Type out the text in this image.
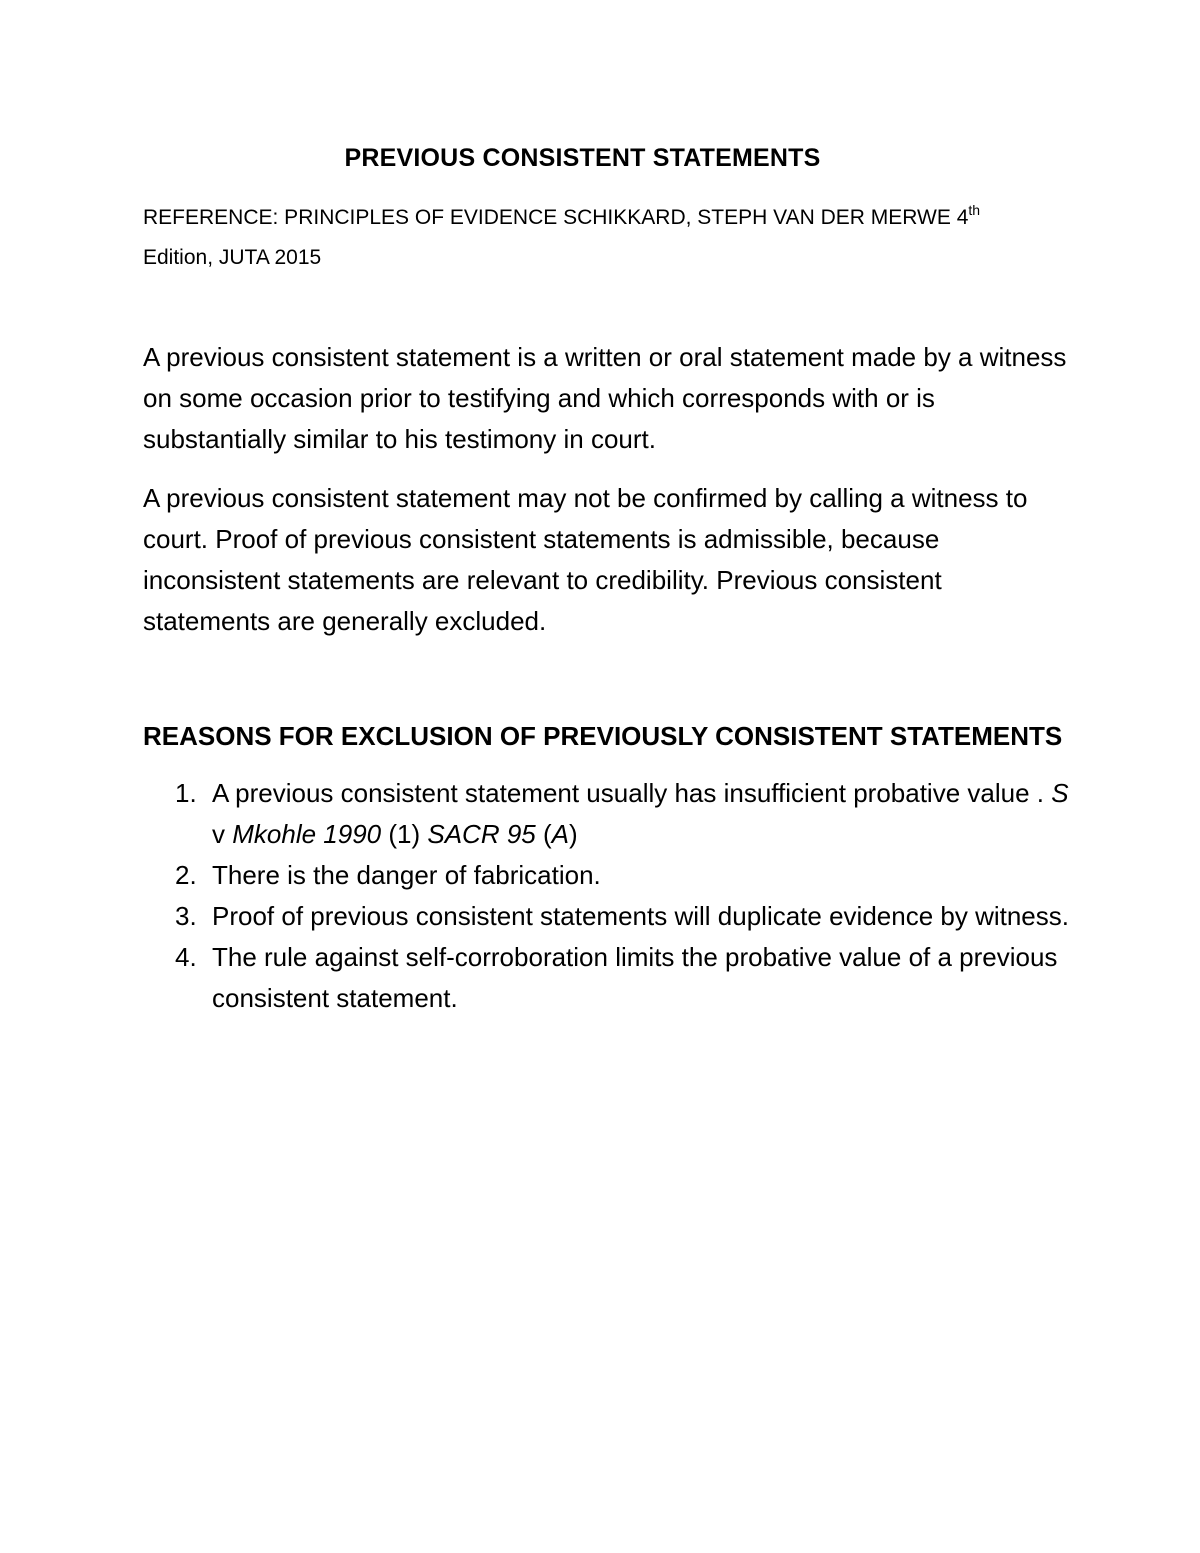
PREVIOUS CONSISTENT STATEMENTS

REFERENCE: PRINCIPLES OF EVIDENCE SCHIKKARD, STEPH VAN DER MERWE 4th
Edition, JUTA 2015

A previous consistent statement is a written or oral statement made by a witness on some occasion prior to testifying and which corresponds with or is substantially similar to his testimony in court.

A previous consistent statement may not be confirmed by calling a witness to court. Proof of previous consistent statements is admissible, because inconsistent statements are relevant to credibility. Previous consistent statements are generally excluded.

REASONS FOR EXCLUSION OF PREVIOUSLY CONSISTENT STATEMENTS
1. A previous consistent statement usually has insufficient probative value . S v Mkohle 1990 (1) SACR 95 (A)
2. There is the danger of fabrication.
3. Proof of previous consistent statements will duplicate evidence by witness.
4. The rule against self-corroboration limits the probative value of a previous consistent statement.
